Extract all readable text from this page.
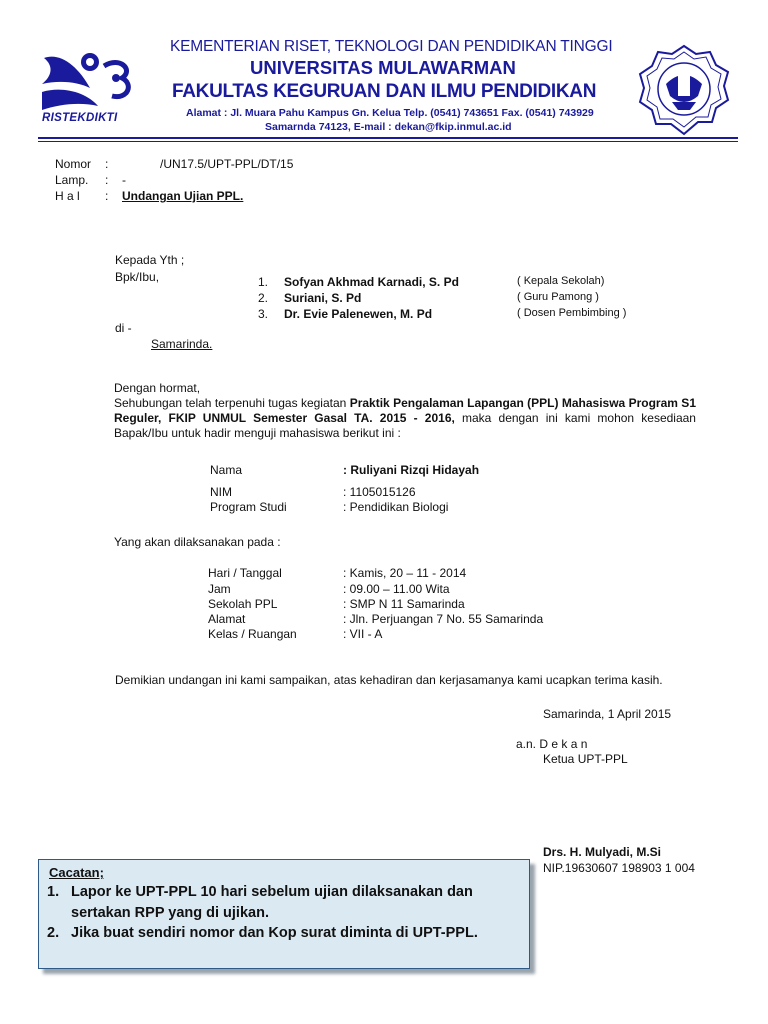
RISTEKDIKTI
KEMENTERIAN RISET, TEKNOLOGI DAN PENDIDIKAN TINGGI
UNIVERSITAS MULAWARMAN
FAKULTAS KEGURUAN DAN ILMU PENDIDIKAN
Alamat : Jl. Muara Pahu Kampus Gn. Kelua Telp. (0541) 743651 Fax. (0541) 743929
Samarnda 74123, E-mail : dekan@fkip.inmul.ac.id
Nomor :	/UN17.5/UPT-PPL/DT/15
Lamp. : -
H a l : Undangan Ujian PPL.
Kepada Yth ;
Bpk/Ibu,	1. Sofyan Akhmad Karnadi, S. Pd	( Kepala Sekolah)
2. Suriani, S. Pd	( Guru Pamong )
3. Dr. Evie Palenewen, M. Pd	( Dosen Pembimbing )
di -
Samarinda.
Dengan hormat,
Sehubungan telah terpenuhi tugas kegiatan Praktik Pengalaman Lapangan (PPL) Mahasiswa Program S1 Reguler, FKIP UNMUL Semester Gasal TA. 2015 - 2016, maka dengan ini kami mohon kesediaan Bapak/Ibu untuk hadir menguji mahasiswa berikut ini :
Nama	: Ruliyani Rizqi Hidayah
NIM	: 1105015126
Program Studi	: Pendidikan Biologi
Yang akan dilaksanakan pada :
Hari / Tanggal	: Kamis, 20 – 11 - 2014
Jam	: 09.00 – 11.00 Wita
Sekolah PPL	: SMP N 11 Samarinda
Alamat	: Jln. Perjuangan 7 No. 55 Samarinda
Kelas / Ruangan	: VII - A
Demikian undangan ini kami sampaikan, atas kehadiran dan kerjasamanya kami ucapkan terima kasih.
Samarinda, 1 April 2015
a.n. D e k a n
Ketua UPT-PPL
Drs. H. Mulyadi, M.Si
NIP.19630607 198903 1 004
Cacatan;
1. Lapor ke UPT-PPL 10 hari sebelum ujian dilaksanakan dan sertakan RPP yang di ujikan.
2. Jika buat sendiri nomor dan Kop surat diminta di UPT-PPL.
